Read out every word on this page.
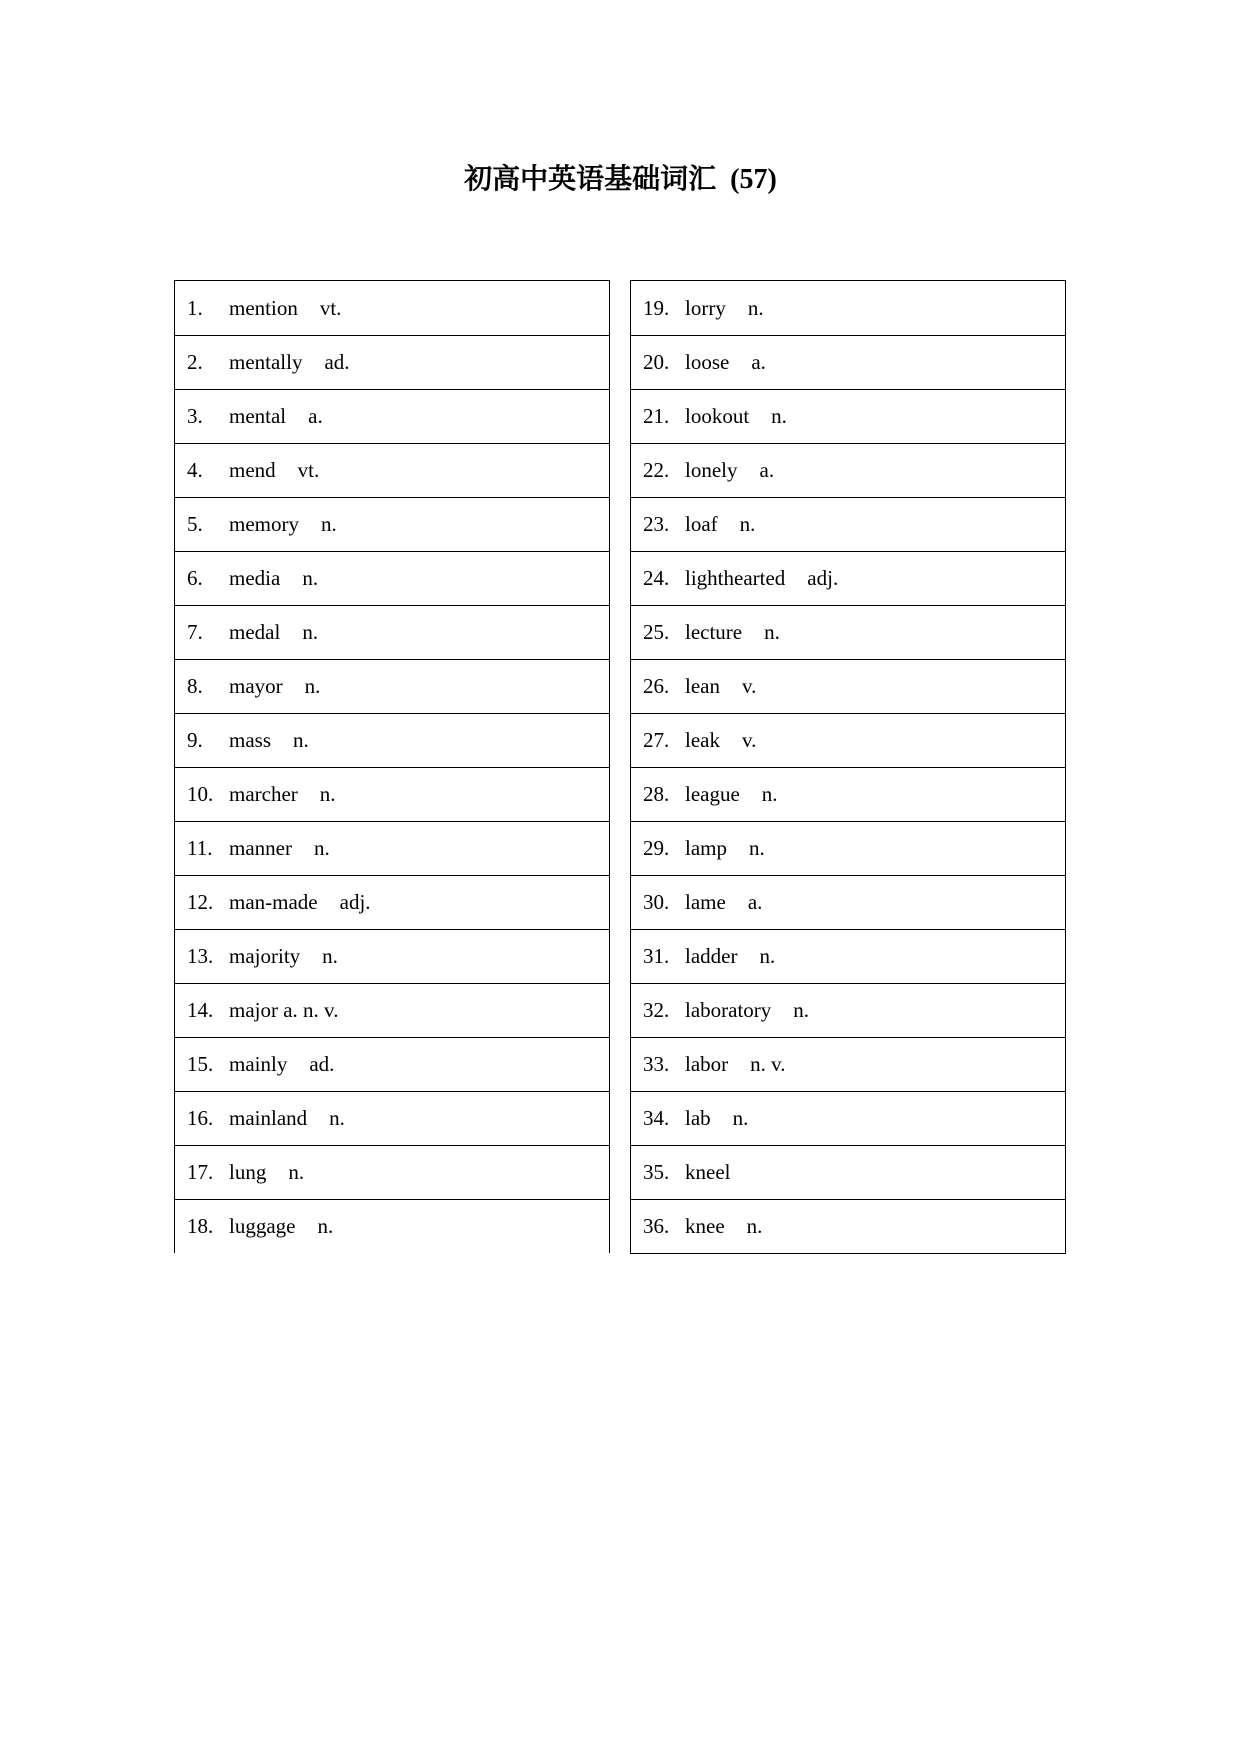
初高中英语基础词汇 (57)
1.	mention vt.
2.	mentally ad.
3.	mental a.
4.	mend vt.
5.	memory n.
6.	media n.
7.	medal n.
8.	mayor n.
9.	mass n.
10. marcher n.
11. manner n.
12. man-made adj.
13. majority n.
14. major a. n. v.
15. mainly ad.
16. mainland n.
17. lung n.
18. luggage n.
19. lorry n.
20. loose a.
21. lookout n.
22. lonely a.
23. loaf n.
24. lighthearted adj.
25. lecture n.
26. lean v.
27. leak v.
28. league n.
29. lamp n.
30. lame a.
31. ladder n.
32. laboratory n.
33. labor n. v.
34. lab n.
35. kneel
36. knee n.
